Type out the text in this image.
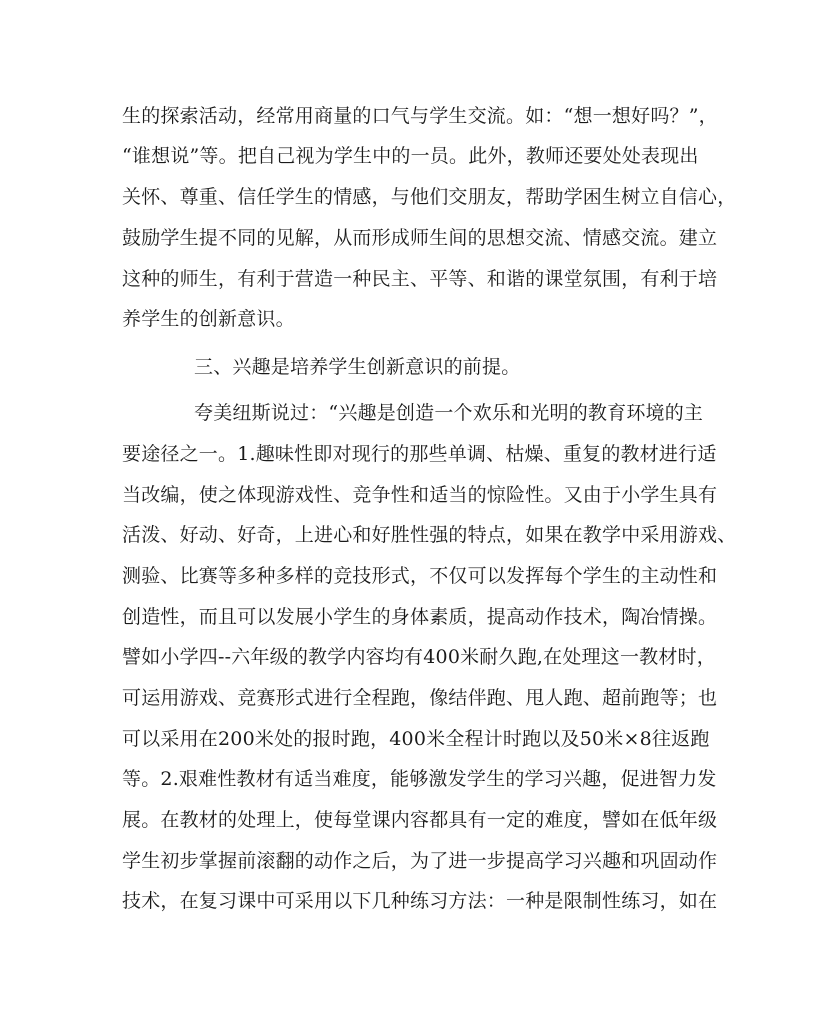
生的探索活动，经常用商量的口气与学生交流。如：“想一想好吗？”，
“谁想说”等。把自己视为学生中的一员。此外，教师还要处处表现出
关怀、尊重、信任学生的情感，与他们交朋友，帮助学困生树立自信心，
鼓励学生提不同的见解，从而形成师生间的思想交流、情感交流。建立
这种的师生，有利于营造一种民主、平等、和谐的课堂氛围，有利于培
养学生的创新意识。
三、兴趣是培养学生创新意识的前提。
夸美纽斯说过：“兴趣是创造一个欢乐和光明的教育环境的主
要途径之一。1.趣味性即对现行的那些单调、枯燥、重复的教材进行适
当改编，使之体现游戏性、竞争性和适当的惊险性。又由于小学生具有
活泼、好动、好奇，上进心和好胜性强的特点，如果在教学中采用游戏、
测验、比赛等多种多样的竞技形式，不仅可以发挥每个学生的主动性和
创造性，而且可以发展小学生的身体素质，提高动作技术，陶冶情操。
譬如小学四--六年级的教学内容均有400米耐久跑,在处理这一教材时，
可运用游戏、竞赛形式进行全程跑，像结伴跑、甩人跑、超前跑等；也
可以采用在200米处的报时跑，400米全程计时跑以及50米×8往返跑
等。2.艰难性教材有适当难度，能够激发学生的学习兴趣，促进智力发
展。在教材的处理上，使每堂课内容都具有一定的难度，譬如在低年级
学生初步掌握前滚翻的动作之后，为了进一步提高学习兴趣和巩固动作
技术，在复习课中可采用以下几种练习方法：一种是限制性练习，如在
